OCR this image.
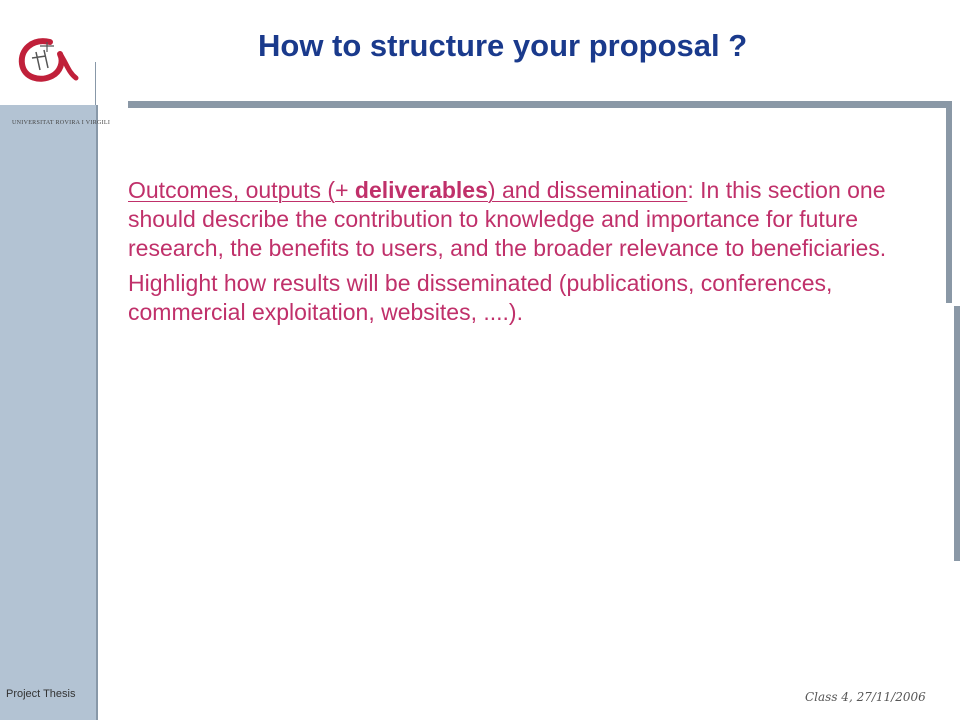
UNIVERSITAT ROVIRA I VIRGILI
How to structure your proposal ?

Outcomes, outputs (+ deliverables) and dissemination: In this section one should describe the contribution to knowledge and importance for future research, the benefits to users, and the broader relevance to beneficiaries.

Highlight how results will be disseminated (publications, conferences, commercial exploitation, websites, ....).

Project Thesis	Class 4, 27/11/2006
